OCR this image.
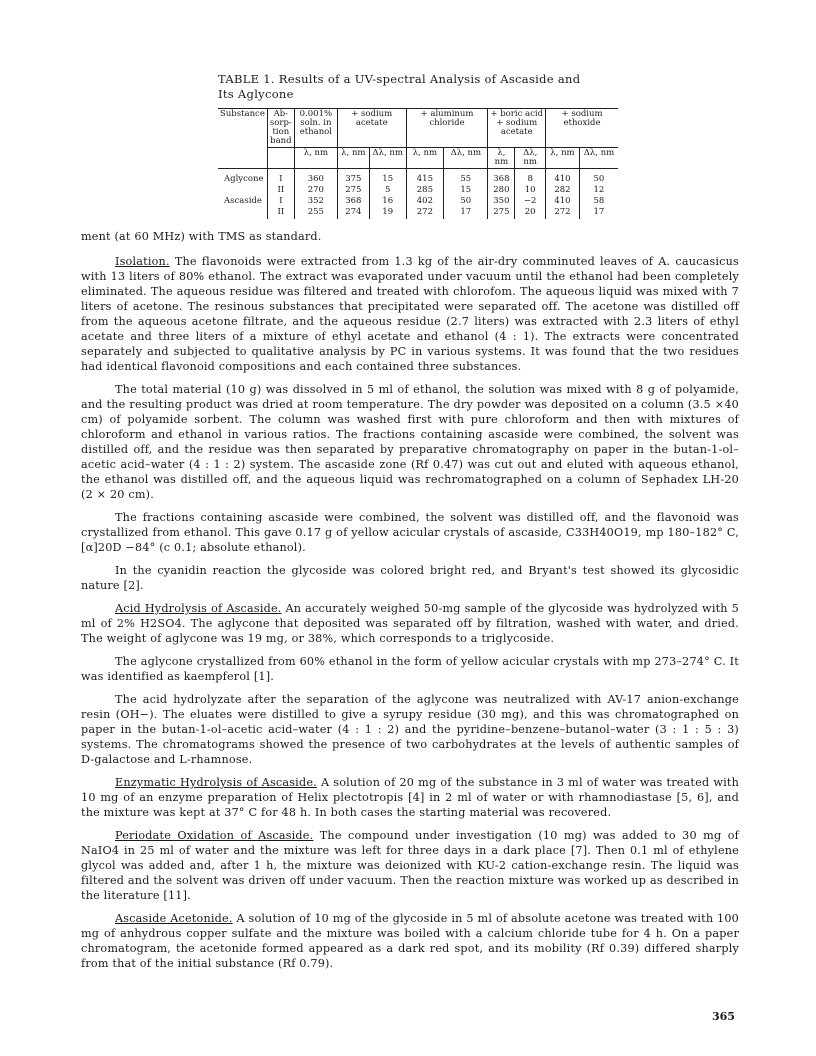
TABLE 1. Results of a UV-spectral Analysis of Ascaside and
Its Aglycone
Substance	Ab-sorp-tion band	0.001% soln. in ethanol	+ sodium acetate		+ aluminum chloride		+ boric acid + sodium acetate		+ sodium ethoxide	
		λ, nm	λ, nm	Δλ, nm	λ, nm	Δλ, nm	λ, nm	Δλ, nm	λ, nm	Δλ, nm
Aglycone	I	360	375	15	415	55	368	8	410	50
	II	270	275	5	285	15	280	10	282	12
Ascaside	I	352	368	16	402	50	350	−2	410	58
	II	255	274	19	272	17	275	20	272	17

ment (at 60 MHz) with TMS as standard.

Isolation. The flavonoids were extracted from 1.3 kg of the air-dry comminuted leaves of A. caucasicus with 13 liters of 80% ethanol. The extract was evaporated under vacuum until the ethanol had been completely eliminated. The aqueous residue was filtered and treated with chlorofom. The aqueous liquid was mixed with 7 liters of acetone. The resinous substances that precipitated were separated off. The acetone was distilled off from the aqueous acetone filtrate, and the aqueous residue (2.7 liters) was extracted with 2.3 liters of ethyl acetate and three liters of a mixture of ethyl acetate and ethanol (4 : 1). The extracts were concentrated separately and subjected to qualitative analysis by PC in various systems. It was found that the two residues had identical flavonoid compositions and each contained three substances.

The total material (10 g) was dissolved in 5 ml of ethanol, the solution was mixed with 8 g of polyamide, and the resulting product was dried at room temperature. The dry powder was deposited on a column (3.5 ×40 cm) of polyamide sorbent. The column was washed first with pure chloroform and then with mixtures of chloroform and ethanol in various ratios. The fractions containing ascaside were combined, the solvent was distilled off, and the residue was then separated by preparative chromatography on paper in the butan-1-ol–acetic acid–water (4 : 1 : 2) system. The ascaside zone (Rf 0.47) was cut out and eluted with aqueous ethanol, the ethanol was distilled off, and the aqueous liquid was rechromatographed on a column of Sephadex LH-20 (2 × 20 cm).

The fractions containing ascaside were combined, the solvent was distilled off, and the flavonoid was crystallized from ethanol. This gave 0.17 g of yellow acicular crystals of ascaside, C33H40O19, mp 180–182° C, [α]20D −84° (c 0.1; absolute ethanol).

In the cyanidin reaction the glycoside was colored bright red, and Bryant's test showed its glycosidic nature [2].

Acid Hydrolysis of Ascaside. An accurately weighed 50-mg sample of the glycoside was hydrolyzed with 5 ml of 2% H2SO4. The aglycone that deposited was separated off by filtration, washed with water, and dried. The weight of aglycone was 19 mg, or 38%, which corresponds to a triglycoside.

The aglycone crystallized from 60% ethanol in the form of yellow acicular crystals with mp 273–274° C. It was identified as kaempferol [1].

The acid hydrolyzate after the separation of the aglycone was neutralized with AV-17 anion-exchange resin (OH−). The eluates were distilled to give a syrupy residue (30 mg), and this was chromatographed on paper in the butan-1-ol–acetic acid–water (4 : 1 : 2) and the pyridine–benzene–butanol–water (3 : 1 : 5 : 3) systems. The chromatograms showed the presence of two carbohydrates at the levels of authentic samples of D-galactose and L-rhamnose.

Enzymatic Hydrolysis of Ascaside. A solution of 20 mg of the substance in 3 ml of water was treated with 10 mg of an enzyme preparation of Helix plectotropis [4] in 2 ml of water or with rhamnodiastase [5, 6], and the mixture was kept at 37° C for 48 h. In both cases the starting material was recovered.

Periodate Oxidation of Ascaside. The compound under investigation (10 mg) was added to 30 mg of NaIO4 in 25 ml of water and the mixture was left for three days in a dark place [7]. Then 0.1 ml of ethylene glycol was added and, after 1 h, the mixture was deionized with KU-2 cation-exchange resin. The liquid was filtered and the solvent was driven off under vacuum. Then the reaction mixture was worked up as described in the literature [11].

Ascaside Acetonide. A solution of 10 mg of the glycoside in 5 ml of absolute acetone was treated with 100 mg of anhydrous copper sulfate and the mixture was boiled with a calcium chloride tube for 4 h. On a paper chromatogram, the acetonide formed appeared as a dark red spot, and its mobility (Rf 0.39) differed sharply from that of the initial substance (Rf 0.79).

365
